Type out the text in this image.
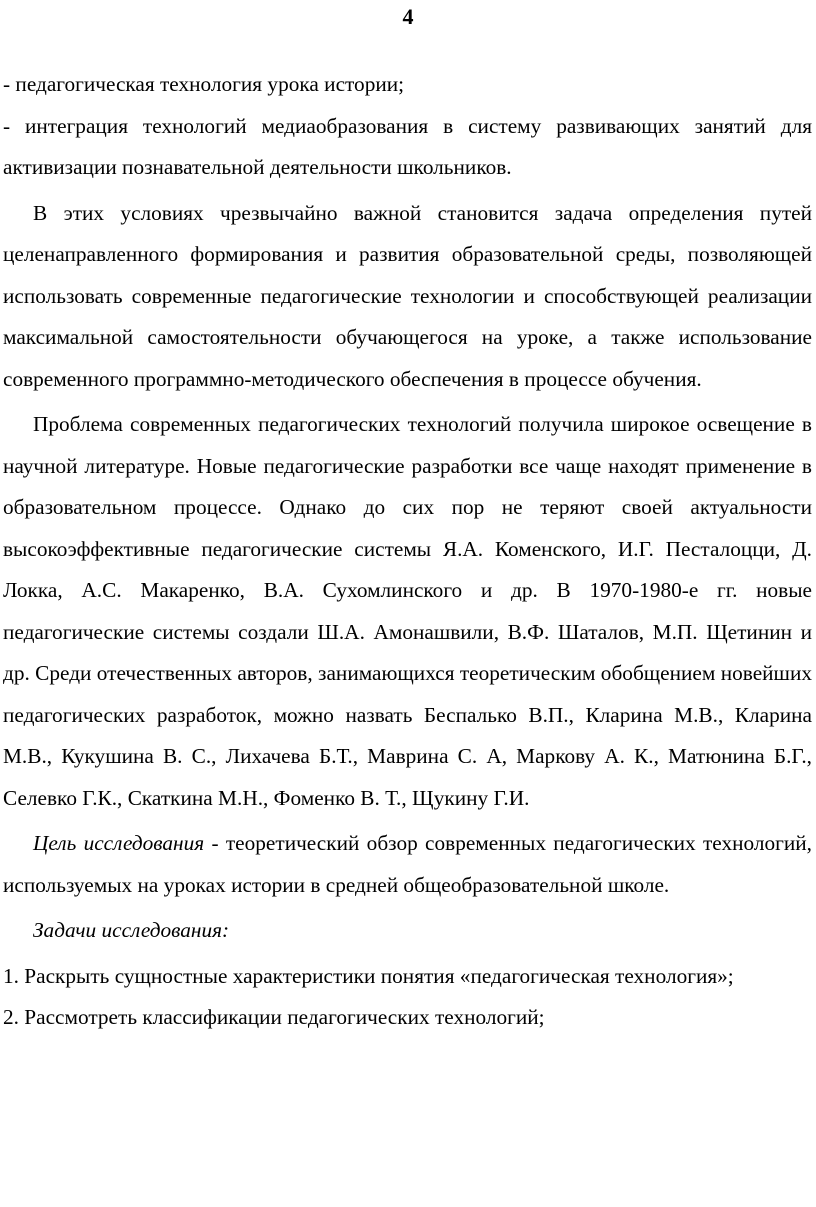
4

- педагогическая технология урока истории;

- интеграция технологий медиаобразования в систему развивающих занятий для активизации познавательной деятельности школьников.

В этих условиях чрезвычайно важной становится задача определения путей целенаправленного формирования и развития образовательной среды, позволяющей использовать современные педагогические технологии и способствующей реализации максимальной самостоятельности обучающегося на уроке, а также использование современного программно-методического обеспечения в процессе обучения.

Проблема современных педагогических технологий получила широкое освещение в научной литературе. Новые педагогические разработки все чаще находят применение в образовательном процессе. Однако до сих пор не теряют своей актуальности высокоэффективные педагогические системы Я.А. Коменского, И.Г. Песталоцци, Д. Локка, А.С. Макаренко, В.А. Сухомлинского и др. В 1970-1980-е гг. новые педагогические системы создали Ш.А. Амонашвили, В.Ф. Шаталов, М.П. Щетинин и др. Среди отечественных авторов, занимающихся теоретическим обобщением новейших педагогических разработок, можно назвать Беспалько В.П., Кларина М.В., Кларина М.В., Кукушина В. С., Лихачева Б.Т., Маврина С. А, Маркову А. К., Матюнина Б.Г., Селевко Г.К., Скаткина М.Н., Фоменко В. Т., Щукину Г.И.

Цель исследования - теоретический обзор современных педагогических технологий, используемых на уроках истории в средней общеобразовательной школе.

Задачи исследования:

1. Раскрыть сущностные характеристики понятия «педагогическая технология»;

2. Рассмотреть классификации педагогических технологий;
